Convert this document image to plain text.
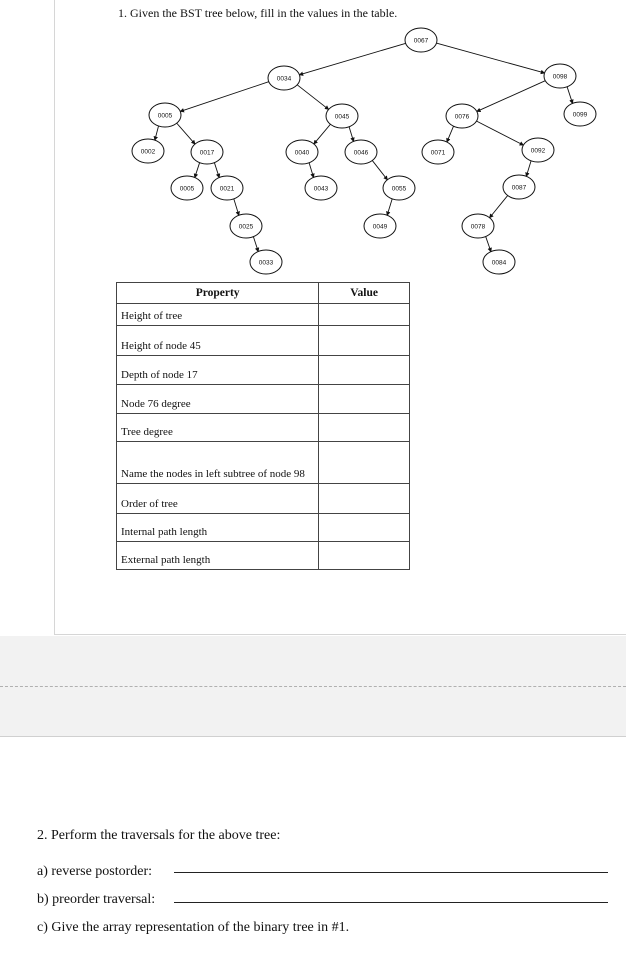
1. Given the BST tree below, fill in the values in the table.
0067
0034	0098
0005	0045	0076	0099
0002	0017	0040	0046	0071	0092
0005	0021	0043	0055	0087
0025	0049	0078
0033	0084
Property	Value
Height of tree	
Height of node 45	
Depth of node 17	
Node 76 degree	
Tree degree	
Name the nodes in left subtree of node 98	
Order of tree	
Internal path length	
External path length	
2. Perform the traversals for the above tree:
a) reverse postorder:
b) preorder traversal:
c) Give the array representation of the binary tree in #1.
